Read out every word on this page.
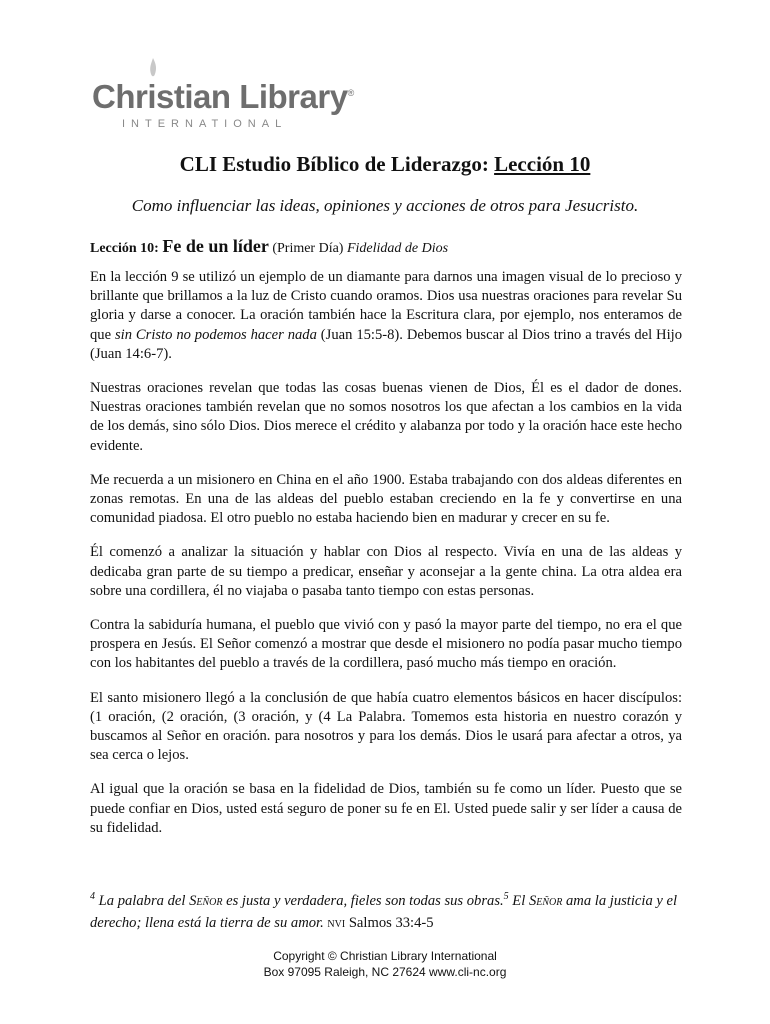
Christian Library®
INTERNATIONAL
CLI Estudio Bíblico de Liderazgo: Lección 10
Como influenciar las ideas, opiniones y acciones de otros para Jesucristo.
Lección 10: Fe de un líder (Primer Día) Fidelidad de Dios

En la lección 9 se utilizó un ejemplo de un diamante para darnos una imagen visual de lo precioso y brillante que brillamos a la luz de Cristo cuando oramos. Dios usa nuestras oraciones para revelar Su gloria y darse a conocer. La oración también hace la Escritura clara, por ejemplo, nos enteramos de que sin Cristo no podemos hacer nada (Juan 15:5-8). Debemos buscar al Dios trino a través del Hijo (Juan 14:6-7).

Nuestras oraciones revelan que todas las cosas buenas vienen de Dios, Él es el dador de dones. Nuestras oraciones también revelan que no somos nosotros los que afectan a los cambios en la vida de los demás, sino sólo Dios. Dios merece el crédito y alabanza por todo y la oración hace este hecho evidente.

Me recuerda a un misionero en China en el año 1900. Estaba trabajando con dos aldeas diferentes en zonas remotas. En una de las aldeas del pueblo estaban creciendo en la fe y convertirse en una comunidad piadosa. El otro pueblo no estaba haciendo bien en madurar y crecer en su fe.

Él comenzó a analizar la situación y hablar con Dios al respecto. Vivía en una de las aldeas y dedicaba gran parte de su tiempo a predicar, enseñar y aconsejar a la gente china. La otra aldea era sobre una cordillera, él no viajaba o pasaba tanto tiempo con estas personas.

Contra la sabiduría humana, el pueblo que vivió con y pasó la mayor parte del tiempo, no era el que prospera en Jesús. El Señor comenzó a mostrar que desde el misionero no podía pasar mucho tiempo con los habitantes del pueblo a través de la cordillera, pasó mucho más tiempo en oración.

El santo misionero llegó a la conclusión de que había cuatro elementos básicos en hacer discípulos: (1 oración, (2 oración, (3 oración, y (4 La Palabra. Tomemos esta historia en nuestro corazón y buscamos al Señor en oración. para nosotros y para los demás. Dios le usará para afectar a otros, ya sea cerca o lejos.

Al igual que la oración se basa en la fidelidad de Dios, también su fe como un líder. Puesto que se puede confiar en Dios, usted está seguro de poner su fe en El. Usted puede salir y ser líder a causa de su fidelidad.

$^4$ La palabra del Señor es justa y verdadera, fieles son todas sus obras.$^5$ El Señor ama la justicia y el derecho; llena está la tierra de su amor. NVI Salmos 33:4-5
Copyright © Christian Library International
Box 97095 Raleigh, NC 27624 www.cli-nc.org
